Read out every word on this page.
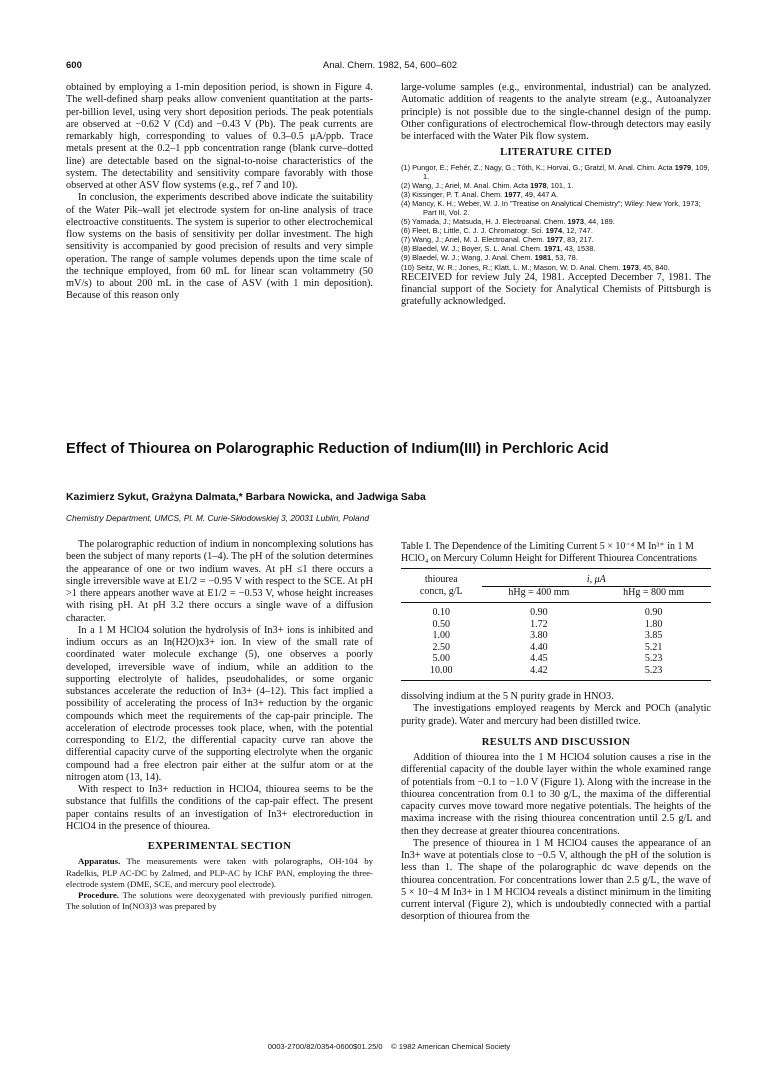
600	Anal. Chem. 1982, 54, 600–602

obtained by employing a 1-min deposition period, is shown in Figure 4. The well-defined sharp peaks allow convenient quantitation at the parts-per-billion level, using very short deposition periods. The peak potentials are observed at −0.62 V (Cd) and −0.43 V (Pb). The peak currents are remarkably high, corresponding to values of 0.3–0.5 μA/ppb. Trace metals present at the 0.2–1 ppb concentration range (blank curve–dotted line) are detectable based on the signal-to-noise characteristics of the system. The detectability and sensitivity compare favorably with those observed at other ASV flow systems (e.g., ref 7 and 10).

In conclusion, the experiments described above indicate the suitability of the Water Pik–wall jet electrode system for on-line analysis of trace electroactive constituents. The system is superior to other electrochemical flow systems on the basis of sensitivity per dollar investment. The high sensitivity is accompanied by good precision of results and very simple operation. The range of sample volumes depends upon the time scale of the technique employed, from 60 mL for linear scan voltammetry (50 mV/s) to about 200 mL in the case of ASV (with 1 min deposition). Because of this reason only

large-volume samples (e.g., environmental, industrial) can be analyzed. Automatic addition of reagents to the analyte stream (e.g., Autoanalyzer principle) is not possible due to the single-channel design of the pump. Other configurations of electrochemical flow-through detectors may easily be interfaced with the Water Pik flow system.

LITERATURE CITED
(1) Pungor, E.; Fehér, Z.; Nagy, G.; Tóth, K.; Horvai, G.; Gratzl, M. Anal. Chim. Acta 1979, 109, 1.
(2) Wang, J.; Ariel, M. Anal. Chim. Acta 1978, 101, 1.
(3) Kissinger, P. T. Anal. Chem. 1977, 49, 447 A.
(4) Mancy, K. H.; Weber, W. J. In "Treatise on Analytical Chemistry"; Wiley: New York, 1973; Part III, Vol. 2.
(5) Yamada, J.; Matsuda, H. J. Electroanal. Chem. 1973, 44, 189.
(6) Fleet, B.; Little, C. J. J. Chromatogr. Sci. 1974, 12, 747.
(7) Wang, J.; Ariel, M. J. Electroanal. Chem. 1977, 83, 217.
(8) Blaedel, W. J.; Boyer, S. L. Anal. Chem. 1971, 43, 1538.
(9) Blaedel, W. J.; Wang, J. Anal. Chem. 1981, 53, 78.
(10) Seitz, W. R.; Jones, R.; Klatt, L. M.; Mason, W. D. Anal. Chem. 1973, 45, 840.

RECEIVED for review July 24, 1981. Accepted December 7, 1981. The financial support of the Society for Analytical Chemists of Pittsburgh is gratefully acknowledged.

Effect of Thiourea on Polarographic Reduction of Indium(III) in Perchloric Acid
Kazimierz Sykut, Grażyna Dalmata,* Barbara Nowicka, and Jadwiga Saba
Chemistry Department, UMCS, Pl. M. Curie-Skłodowskiej 3, 20031 Lublin, Poland

The polarographic reduction of indium in noncomplexing solutions has been the subject of many reports (1–4). The pH of the solution determines the appearance of one or two indium waves. At pH ≤1 there occurs a single irreversible wave at E1/2 = −0.95 V with respect to the SCE. At pH >1 there appears another wave at E1/2 = −0.53 V, whose height increases with rising pH. At pH 3.2 there occurs a single wave of a diffusion character.

In a 1 M HClO4 solution the hydrolysis of In3+ ions is inhibited and indium occurs as an In(H2O)x3+ ion. In view of the small rate of coordinated water molecule exchange (5), one observes a poorly developed, irreversible wave of indium, while an addition to the supporting electrolyte of halides, pseudohalides, or some organic substances accelerate the reduction of In3+ (4–12). This fact implied a possibility of accelerating the process of In3+ reduction by the organic compounds which meet the requirements of the cap-pair principle. The acceleration of electrode processes took place, when, with the potential corresponding to E1/2, the differential capacity curve ran above the differential capacity curve of the supporting electrolyte when the organic compound had a free electron pair either at the sulfur atom or at the nitrogen atom (13, 14).

With respect to In3+ reduction in HClO4, thiourea seems to be the substance that fulfills the conditions of the cap-pair effect. The present paper contains results of an investigation of In3+ electroreduction in HClO4 in the presence of thiourea.

EXPERIMENTAL SECTION

Apparatus. The measurements were taken with polarographs, OH-104 by Radelkis, PLP AC-DC by Zalmed, and PLP-AC by IChF PAN, employing the three-electrode system (DME, SCE, and mercury pool electrode).

Procedure. The solutions were deoxygenated with previously purified nitrogen. The solution of In(NO3)3 was prepared by

Table I. The Dependence of the Limiting Current 5 × 10⁻⁴ M In³⁺ in 1 M HClO₄ on Mercury Column Height for Different Thiourea Concentrations
thiourea	i, μA	
concn, g/L	hHg = 400 mm	hHg = 800 mm
0.10	0.90	0.90
0.50	1.72	1.80
1.00	3.80	3.85
2.50	4.40	5.21
5.00	4.45	5.23
10.00	4.42	5.23

dissolving indium at the 5 N purity grade in HNO3.

The investigations employed reagents by Merck and POCh (analytic purity grade). Water and mercury had been distilled twice.

RESULTS AND DISCUSSION

Addition of thiourea into the 1 M HClO4 solution causes a rise in the differential capacity of the double layer within the whole examined range of potentials from −0.1 to −1.0 V (Figure 1). Along with the increase in the thiourea concentration from 0.1 to 30 g/L, the maxima of the differential capacity curves move toward more negative potentials. The heights of the maxima increase with the rising thiourea concentration until 2.5 g/L and then they decrease at greater thiourea concentrations.

The presence of thiourea in 1 M HClO4 causes the appearance of an In3+ wave at potentials close to −0.5 V, although the pH of the solution is less than 1. The shape of the polarographic dc wave depends on the thiourea concentration. For concentrations lower than 2.5 g/L, the wave of 5 × 10−4 M In3+ in 1 M HClO4 reveals a distinct minimum in the limiting current interval (Figure 2), which is undoubtedly connected with a partial desorption of thiourea from the

0003-2700/82/0354-0600$01.25/0 © 1982 American Chemical Society
